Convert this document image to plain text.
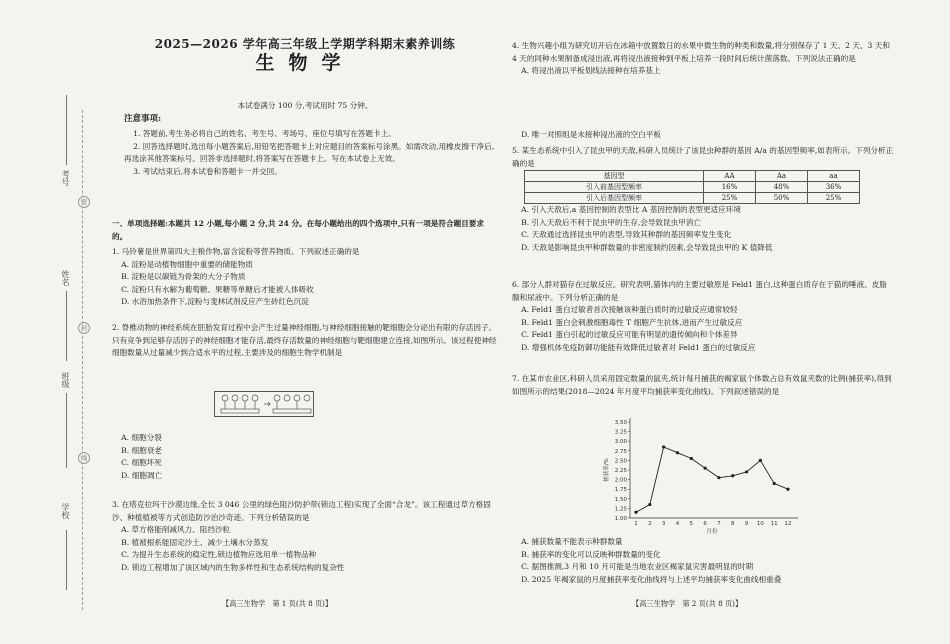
密
封
线
学校
班级
姓名
考号
2025—2026 学年高三年级上学期学科期末素养训练
生物学
本试卷满分 100 分,考试用时 75 分钟。
注意事项:

1. 答题前,考生务必将自己的姓名、考生号、考场号、座位号填写在答题卡上。

2. 回答选择题时,选出每小题答案后,用铅笔把答题卡上对应题目的答案标号涂黑。如需改动,用橡皮擦干净后,再选涂其他答案标号。回答非选择题时,将答案写在答题卡上。写在本试卷上无效。

3. 考试结束后,将本试卷和答题卡一并交回。

一、单项选择题:本题共 12 小题,每小题 2 分,共 24 分。在每小题给出的四个选项中,只有一项是符合题目要求的。

1. 马铃薯是世界第四大主粮作物,富含淀粉等营养物质。下列叙述正确的是

A. 淀粉是动植物细胞中重要的储能物质

B. 淀粉是以碳链为骨架的大分子物质

C. 淀粉只有水解为葡萄糖、果糖等单糖后才能被人体吸收

D. 水浴加热条件下,淀粉与斐林试剂反应产生砖红色沉淀

2. 脊椎动物的神经系统在胚胎发育过程中会产生过量神经细胞,与神经细胞接触的靶细胞会分泌出有限的存活因子。只有竞争到足够存活因子的神经细胞才能存活,最终存活数量的神经细胞与靶细胞建立连接,如图所示。该过程使神经细胞数量从过量减少到合适水平的过程,主要涉及的细胞生物学机制是

A. 细胞分裂

B. 细胞衰老

C. 细胞坏死

D. 细胞凋亡

3. 在塔克拉玛干沙漠边缘,全长 3 046 公里的绿色阻沙防护带(锁边工程)实现了全面“合龙”。该工程通过草方格固沙、种植植被等方式创造防沙治沙奇迹。下列分析错误的是

A. 草方格能削减风力、阻挡沙粒

B. 植被根系能固定沙土、减少土壤水分蒸发

C. 为提升生态系统的稳定性,锁边植物应选用单一植物品种

D. 锁边工程增加了该区域内的生物多样性和生态系统结构的复杂性

【高三生物学　第 1 页(共 8 页)】

4. 生物兴趣小组为研究切开后在冰箱中放置数日的水果中微生物的种类和数量,将分别保存了 1 天、2 天、3 天和 4 天的同种水果制备成浸出液,再将浸出液接种到平板上培养一段时间后统计菌落数。下列说法正确的是

A. 将浸出液以平板划线法接种在培养基上

D. 唯一对照组是未接种浸出液的空白平板

5. 某生态系统中引入了昆虫甲的天敌,科研人员统计了该昆虫种群的基因 A/a 的基因型频率,如表所示。下列分析正确的是

基因型	AA	Aa	aa
引入前基因型频率	16%	48%	36%
引入后基因型频率	25%	50%	25%

A. 引入天敌后,a 基因控制的表型比 A 基因控制的表型更适应环境

B. 引入天敌后不利于昆虫甲的生存,会导致昆虫甲消亡

C. 天敌通过选择昆虫甲的表型,导致其种群的基因频率发生变化

D. 天敌是影响昆虫甲种群数量的非密度制约因素,会导致昆虫甲的 K 值降低

6. 部分人群对猫存在过敏反应。研究表明,猫体内的主要过敏原是 Feld1 蛋白,这种蛋白质存在于猫的唾液、皮脂腺和尿液中。下列分析正确的是

A. Feld1 蛋白过敏者首次接触该种蛋白质时的过敏反应通常较轻

B. Feld1 蛋白会刺激细胞毒性 T 细胞产生抗体,进而产生过敏反应

C. Feld1 蛋白引起的过敏反应可能有明显的遗传倾向和个体差异

D. 增强机体免疫防御功能能有效降低过敏者对 Feld1 蛋白的过敏反应

7. 在某市农业区,科研人员采用固定数量的鼠夹,统计每月捕获的褐家鼠个体数占总有效鼠夹数的比例(捕获率),得到如图所示的结果(2018—2024 年月度平均捕获率变化曲线)。下列叙述错误的是

A. 捕获数量不能表示种群数量

B. 捕获率的变化可以反映种群数量的变化

C. 据图推测,3 月和 10 月可能是当地农业区褐家鼠灾害最明显的时期

D. 2025 年褐家鼠的月度捕获率变化曲线将与上述平均捕获率变化曲线相重叠

【高三生物学　第 2 页(共 8 页)】
1.00
1.25
1.50
1.75
2.00
2.25
2.50
2.75
3.00
3.25
3.50
1 2 3 4 5 6 7 8 9 10 11 12
捕获率/%
月份
